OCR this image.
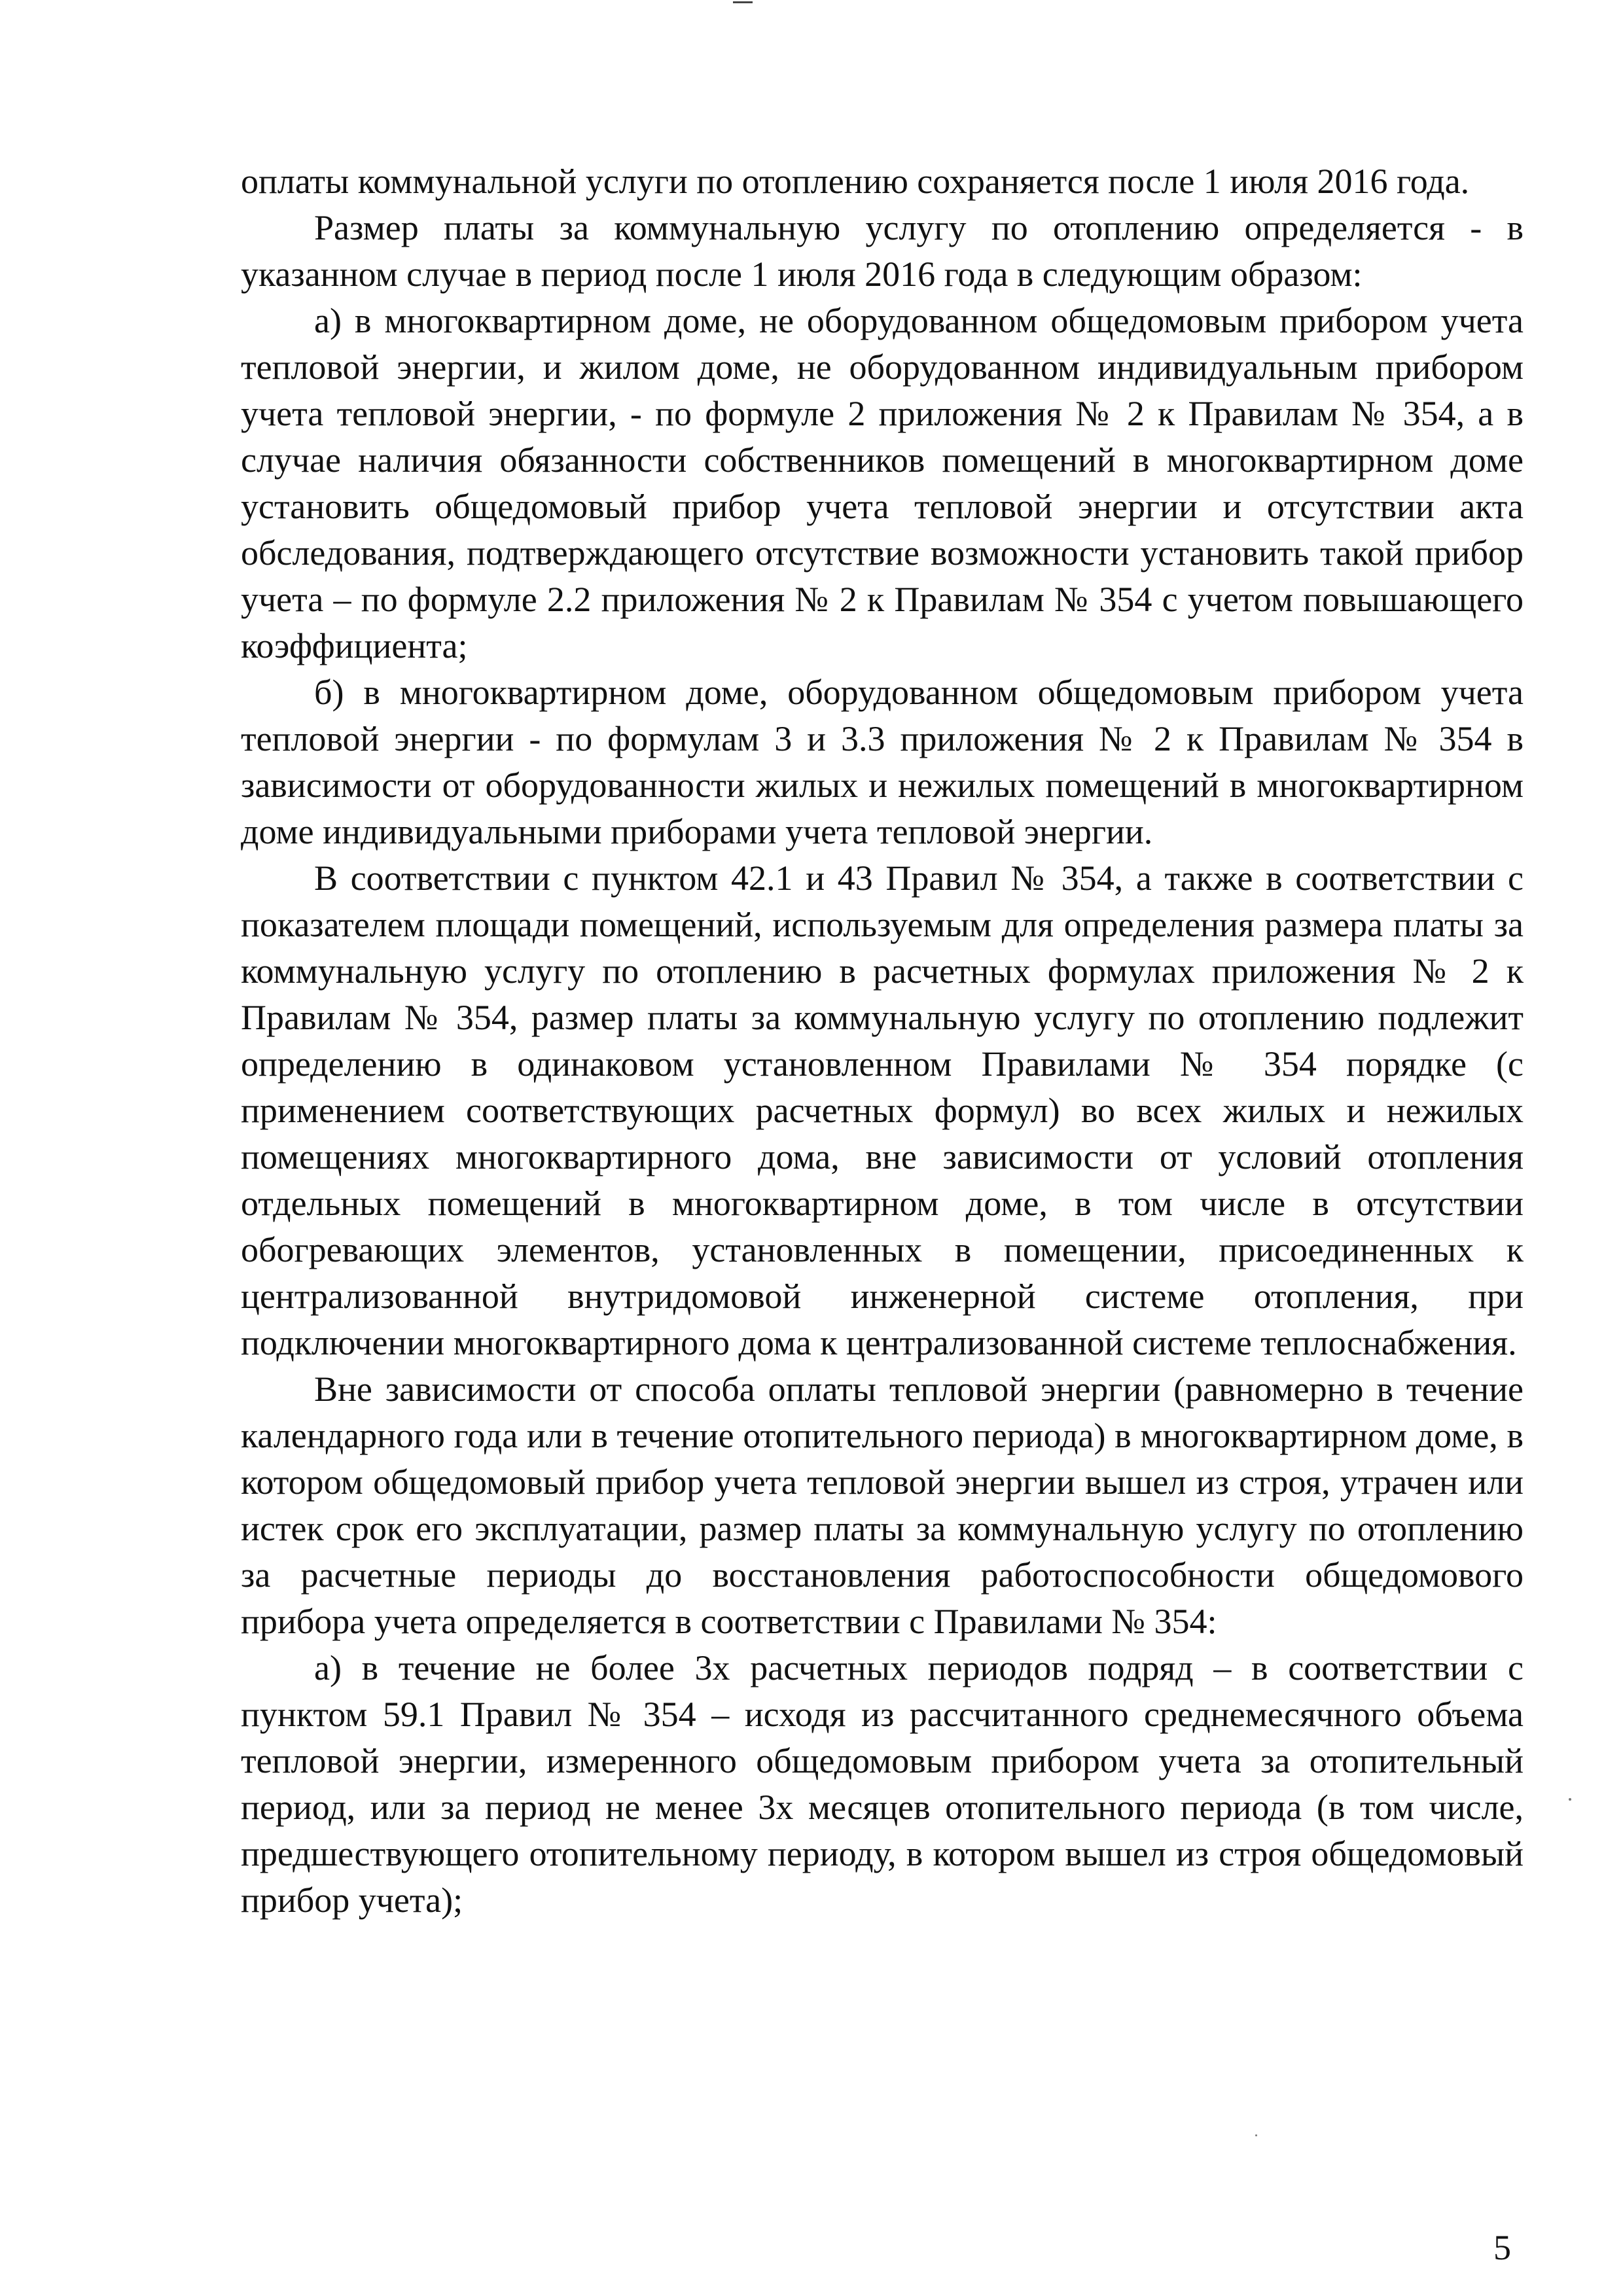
оплаты коммунальной услуги по отоплению сохраняется после 1 июля 2016 года.

Размер платы за коммунальную услугу по отоплению определяется - в указанном случае в период после 1 июля 2016 года в следующим образом:

а) в многоквартирном доме, не оборудованном общедомовым прибором учета тепловой энергии, и жилом доме, не оборудованном индивидуальным прибором учета тепловой энергии, - по формуле 2 приложения № 2 к Правилам № 354, а в случае наличия обязанности собственников помещений в многоквартирном доме установить общедомовый прибор учета тепловой энергии и отсутствии акта обследования, подтверждающего отсутствие возможности установить такой прибор учета – по формуле 2.2 приложения № 2 к Правилам № 354 с учетом повышающего коэффициента;

б) в многоквартирном доме, оборудованном общедомовым прибором учета тепловой энергии - по формулам 3 и 3.3 приложения № 2 к Правилам № 354 в зависимости от оборудованности жилых и нежилых помещений в многоквартирном доме индивидуальными приборами учета тепловой энергии.

В соответствии с пунктом 42.1 и 43 Правил № 354, а также в соответствии с показателем площади помещений, используемым для определения размера платы за коммунальную услугу по отоплению в расчетных формулах приложения № 2 к Правилам № 354, размер платы за коммунальную услугу по отоплению подлежит определению в одинаковом установленном Правилами № 354 порядке (с применением соответствующих расчетных формул) во всех жилых и нежилых помещениях многоквартирного дома, вне зависимости от условий отопления отдельных помещений в многоквартирном доме, в том числе в отсутствии обогревающих элементов, установленных в помещении, присоединенных к централизованной внутридомовой инженерной системе отопления, при подключении многоквартирного дома к централизованной системе теплоснабжения.

Вне зависимости от способа оплаты тепловой энергии (равномерно в течение календарного года или в течение отопительного периода) в многоквартирном доме, в котором общедомовый прибор учета тепловой энергии вышел из строя, утрачен или истек срок его эксплуатации, размер платы за коммунальную услугу по отоплению за расчетные периоды до восстановления работоспособности общедомового прибора учета определяется в соответствии с Правилами № 354:

а) в течение не более 3х расчетных периодов подряд – в соответствии с пунктом 59.1 Правил № 354 – исходя из рассчитанного среднемесячного объема тепловой энергии, измеренного общедомовым прибором учета за отопительный период, или за период не менее 3х месяцев отопительного периода (в том числе, предшествующего отопительному периоду, в котором вышел из строя общедомовый прибор учета);

5
